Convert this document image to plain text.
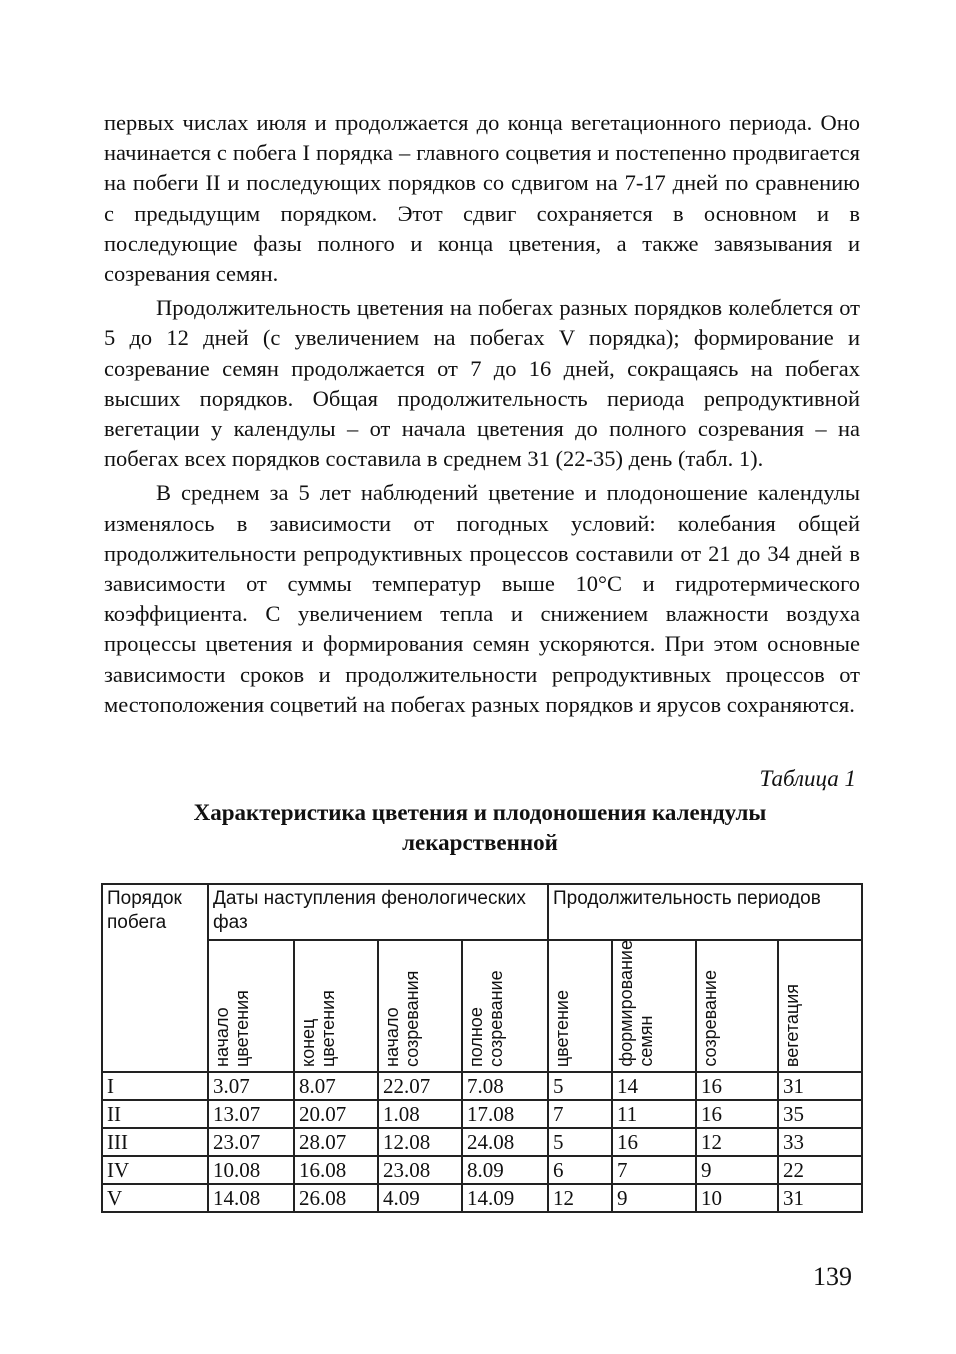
первых числах июля и продолжается до конца вегетационного периода. Оно начинается с побега I порядка – главного соцветия и постепенно продвигается на побеги II и последующих порядков со сдвигом на 7-17 дней по сравнению с предыдущим порядком. Этот сдвиг сохраняется в основном и в последующие фазы полного и конца цветения, а также завязывания и созревания семян.

Продолжительность цветения на побегах разных порядков колеблется от 5 до 12 дней (с увеличением на побегах V порядка); формирование и созревание семян продолжается от 7 до 16 дней, сокращаясь на побегах высших порядков. Общая продолжительность периода репродуктивной вегетации у календулы – от начала цветения до полного созревания – на побегах всех порядков составила в среднем 31 (22-35) день (табл. 1).

В среднем за 5 лет наблюдений цветение и плодоношение календулы изменялось в зависимости от погодных условий: колебания общей продолжительности репродуктивных процессов составили от 21 до 34 дней в зависимости от суммы температур выше 10°С и гидротермического коэффициента. С увеличением тепла и снижением влажности воздуха процессы цветения и формирования семян ускоряются. При этом основные зависимости сроков и продолжительности репродуктивных процессов от местоположения соцветий на побегах разных порядков и ярусов сохраняются.

Таблица 1
Характеристика цветения и плодоношения календулы
лекарственной
Порядок побега	Даты наступления фенологических фаз				Продолжительность периодов			

	начало цветения	конец цветения	начало созревания	полное созревание	цветение	формирование семян	созревание	вегетация

I	3.07	8.07	22.07	7.08	5	14	16	31
II	13.07	20.07	1.08	17.08	7	11	16	35
III	23.07	28.07	12.08	24.08	5	16	12	33
IV	10.08	16.08	23.08	8.09	6	7	9	22
V	14.08	26.08	4.09	14.09	12	9	10	31
139
